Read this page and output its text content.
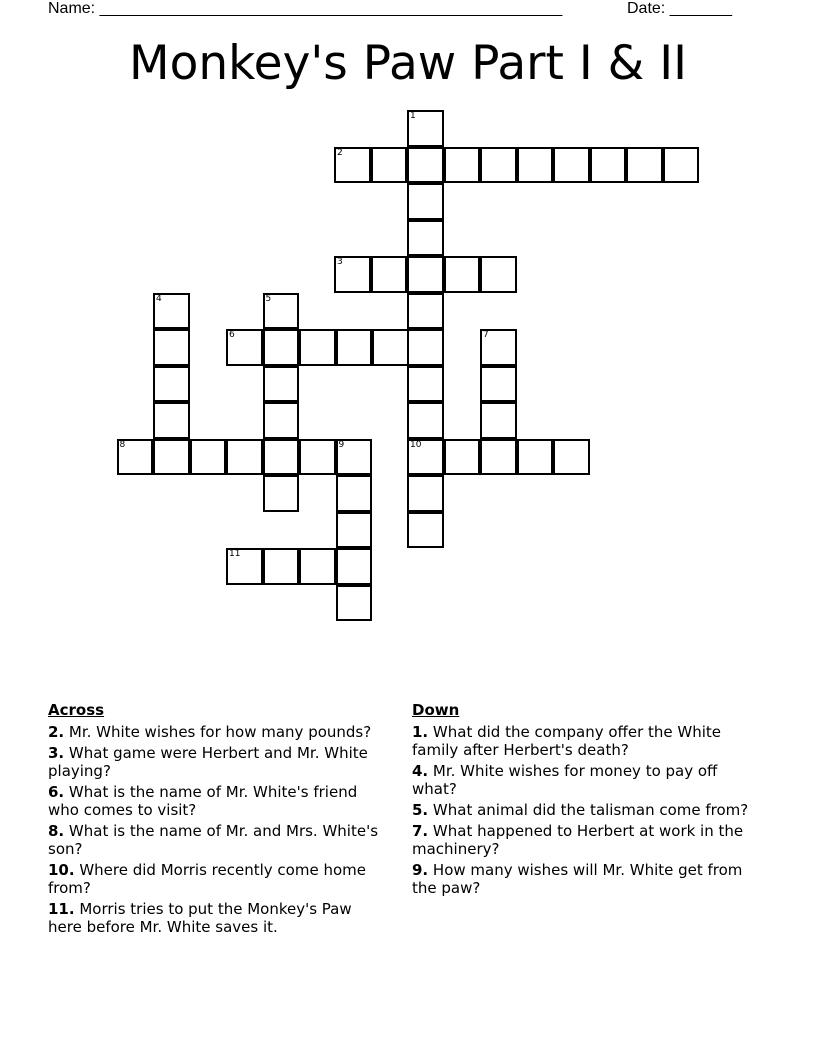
Name: ____________________________________________________	Date: _______
Monkey's Paw Part I & II
1
10
2
3
4	5
6	7
8	9
11
Across
2. Mr. White wishes for how many pounds?
3. What game were Herbert and Mr. White playing?
6. What is the name of Mr. White's friend who comes to visit?
8. What is the name of Mr. and Mrs. White's son?
10. Where did Morris recently come home from?
11. Morris tries to put the Monkey's Paw here before Mr. White saves it.
Down
1. What did the company offer the White family after Herbert's death?
4. Mr. White wishes for money to pay off what?
5. What animal did the talisman come from?
7. What happened to Herbert at work in the machinery?
9. How many wishes will Mr. White get from the paw?
